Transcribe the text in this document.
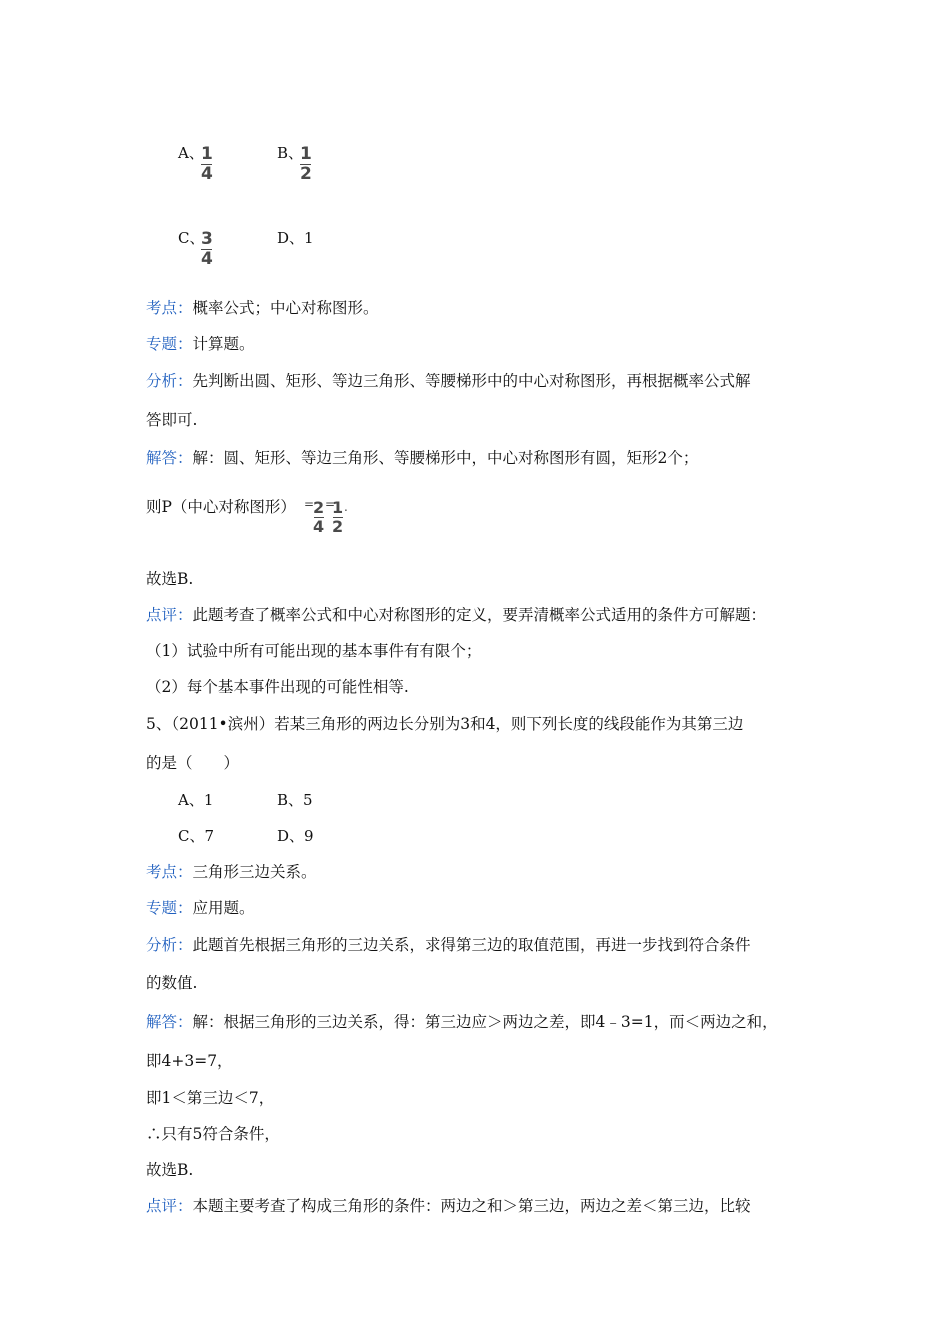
A、
1
4
B、
1
2
C、
3
4
D、1
考点：概率公式；中心对称图形。
专题：计算题。
分析：先判断出圆、矩形、等边三角形、等腰梯形中的中心对称图形，再根据概率公式解
答即可.
解答：解：圆、矩形、等边三角形、等腰梯形中，中心对称图形有圆，矩形2个；
则P（中心对称图形） =
2
4
=
1
2
.
故选B.
点评：此题考查了概率公式和中心对称图形的定义，要弄清概率公式适用的条件方可解题：
（1）试验中所有可能出现的基本事件有有限个；
（2）每个基本事件出现的可能性相等.
5、（2011•滨州）若某三角形的两边长分别为3和4，则下列长度的线段能作为其第三边
的是（　　）
A、1	B、5
C、7	D、9
考点：三角形三边关系。
专题：应用题。
分析：此题首先根据三角形的三边关系，求得第三边的取值范围，再进一步找到符合条件
的数值.
解答：解：根据三角形的三边关系，得：第三边应＞两边之差，即4﹣3=1，而＜两边之和，
即4+3=7，
即1＜第三边＜7，
∴只有5符合条件，
故选B.
点评：本题主要考查了构成三角形的条件：两边之和＞第三边，两边之差＜第三边，比较
